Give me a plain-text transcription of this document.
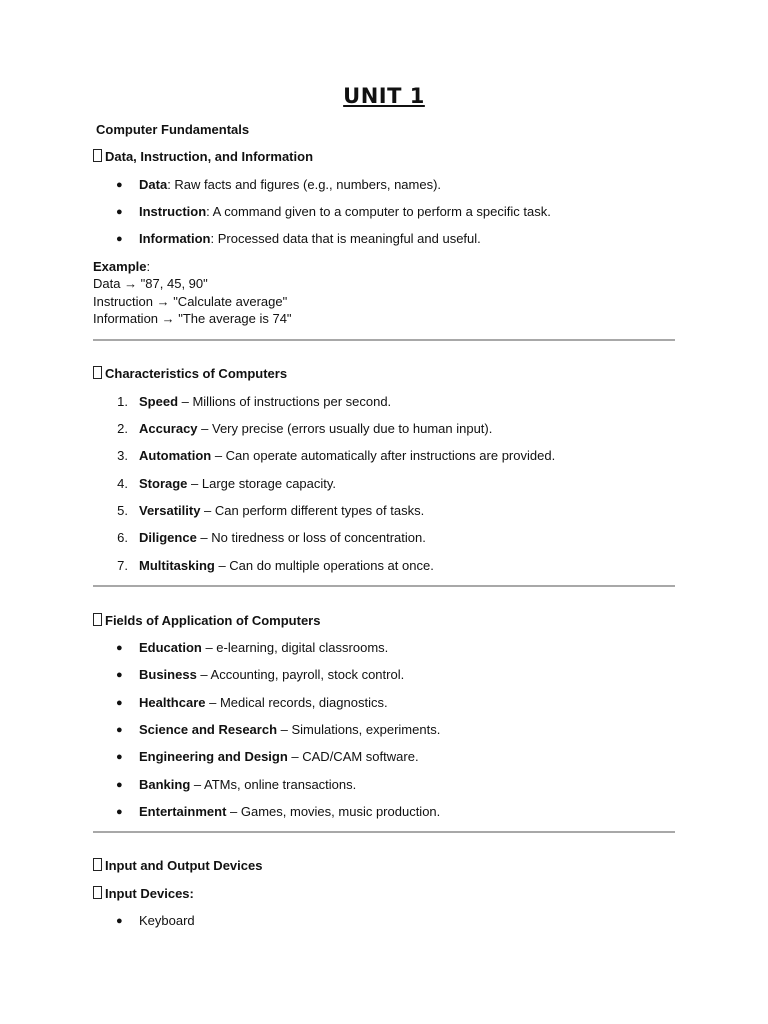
UNIT 1
Computer Fundamentals
Data, Instruction, and Information
● Data: Raw facts and figures (e.g., numbers, names).
● Instruction: A command given to a computer to perform a specific task.
● Information: Processed data that is meaningful and useful.
Example:
Data → "87, 45, 90"
Instruction → "Calculate average"
Information → "The average is 74"
Characteristics of Computers
1. Speed – Millions of instructions per second.
2. Accuracy – Very precise (errors usually due to human input).
3. Automation – Can operate automatically after instructions are provided.
4. Storage – Large storage capacity.
5. Versatility – Can perform different types of tasks.
6. Diligence – No tiredness or loss of concentration.
7. Multitasking – Can do multiple operations at once.
Fields of Application of Computers
● Education – e-learning, digital classrooms.
● Business – Accounting, payroll, stock control.
● Healthcare – Medical records, diagnostics.
● Science and Research – Simulations, experiments.
● Engineering and Design – CAD/CAM software.
● Banking – ATMs, online transactions.
● Entertainment – Games, movies, music production.
Input and Output Devices
Input Devices:
● Keyboard
